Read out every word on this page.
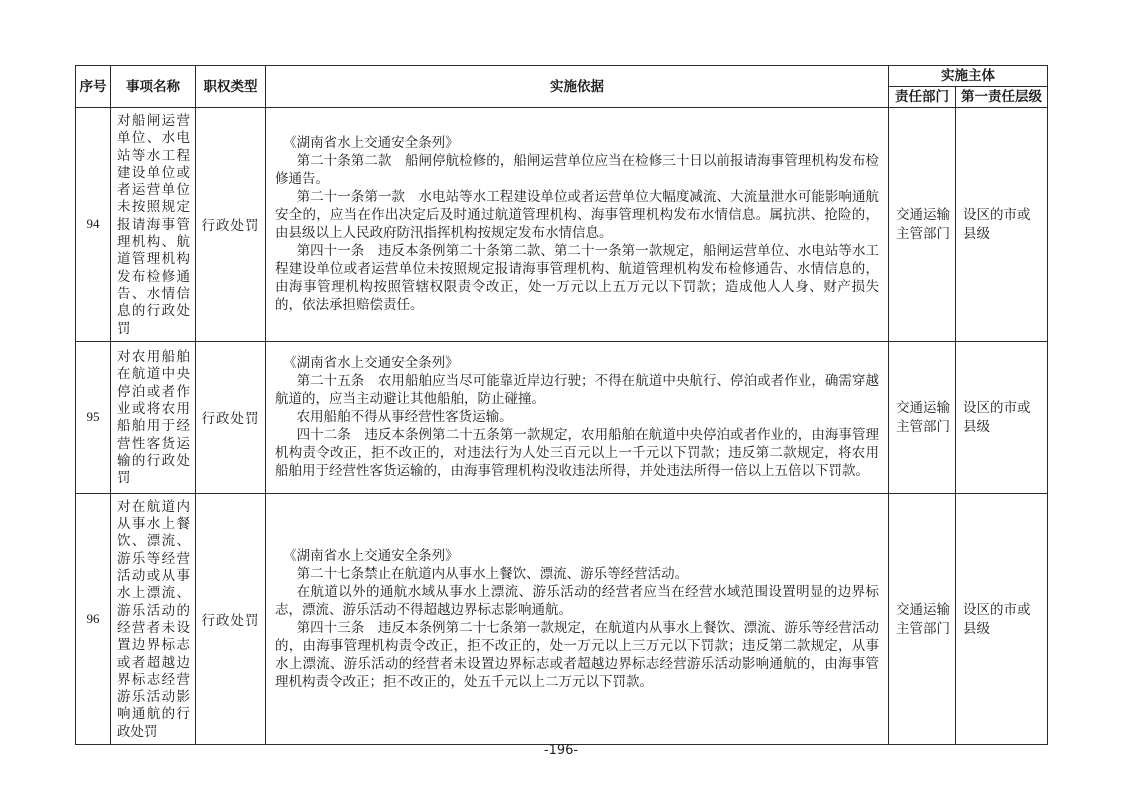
序号	事项名称	职权类型	实施依据	实施主体	
				责任部门	第一责任层级
94	对船闸运营单位、水电站等水工程建设单位或者运营单位未按照规定报请海事管理机构、航道管理机构发布检修通告、水情信息的行政处罚	行政处罚	《湖南省水上交通安全条列》

第二十条第二款　船闸停航检修的，船闸运营单位应当在检修三十日以前报请海事管理机构发布检修通告。

第二十一条第一款　水电站等水工程建设单位或者运营单位大幅度减流、大流量泄水可能影响通航安全的，应当在作出决定后及时通过航道管理机构、海事管理机构发布水情信息。属抗洪、抢险的，由县级以上人民政府防汛指挥机构按规定发布水情信息。

第四十一条　违反本条例第二十条第二款、第二十一条第一款规定，船闸运营单位、水电站等水工程建设单位或者运营单位未按照规定报请海事管理机构、航道管理机构发布检修通告、水情信息的，由海事管理机构按照管辖权限责令改正，处一万元以上五万元以下罚款；造成他人人身、财产损失的，依法承担赔偿责任。	交通运输主管部门	设区的市或县级
95	对农用船舶在航道中央停泊或者作业或将农用船舶用于经营性客货运输的行政处罚	行政处罚	《湖南省水上交通安全条列》

第二十五条　农用船舶应当尽可能靠近岸边行驶；不得在航道中央航行、停泊或者作业，确需穿越航道的，应当主动避让其他船舶，防止碰撞。

农用船舶不得从事经营性客货运输。

四十二条　违反本条例第二十五条第一款规定，农用船舶在航道中央停泊或者作业的，由海事管理机构责令改正，拒不改正的，对违法行为人处三百元以上一千元以下罚款；违反第二款规定，将农用船舶用于经营性客货运输的，由海事管理机构没收违法所得，并处违法所得一倍以上五倍以下罚款。	交通运输主管部门	设区的市或县级
96	对在航道内从事水上餐饮、漂流、游乐等经营活动或从事水上漂流、游乐活动的经营者未设置边界标志或者超越边界标志经营游乐活动影响通航的行政处罚	行政处罚	《湖南省水上交通安全条列》

第二十七条禁止在航道内从事水上餐饮、漂流、游乐等经营活动。

在航道以外的通航水域从事水上漂流、游乐活动的经营者应当在经营水域范围设置明显的边界标志，漂流、游乐活动不得超越边界标志影响通航。

第四十三条　违反本条例第二十七条第一款规定，在航道内从事水上餐饮、漂流、游乐等经营活动的，由海事管理机构责令改正，拒不改正的，处一万元以上三万元以下罚款；违反第二款规定，从事水上漂流、游乐活动的经营者未设置边界标志或者超越边界标志经营游乐活动影响通航的，由海事管理机构责令改正；拒不改正的，处五千元以上二万元以下罚款。	交通运输主管部门	设区的市或县级
-196-
